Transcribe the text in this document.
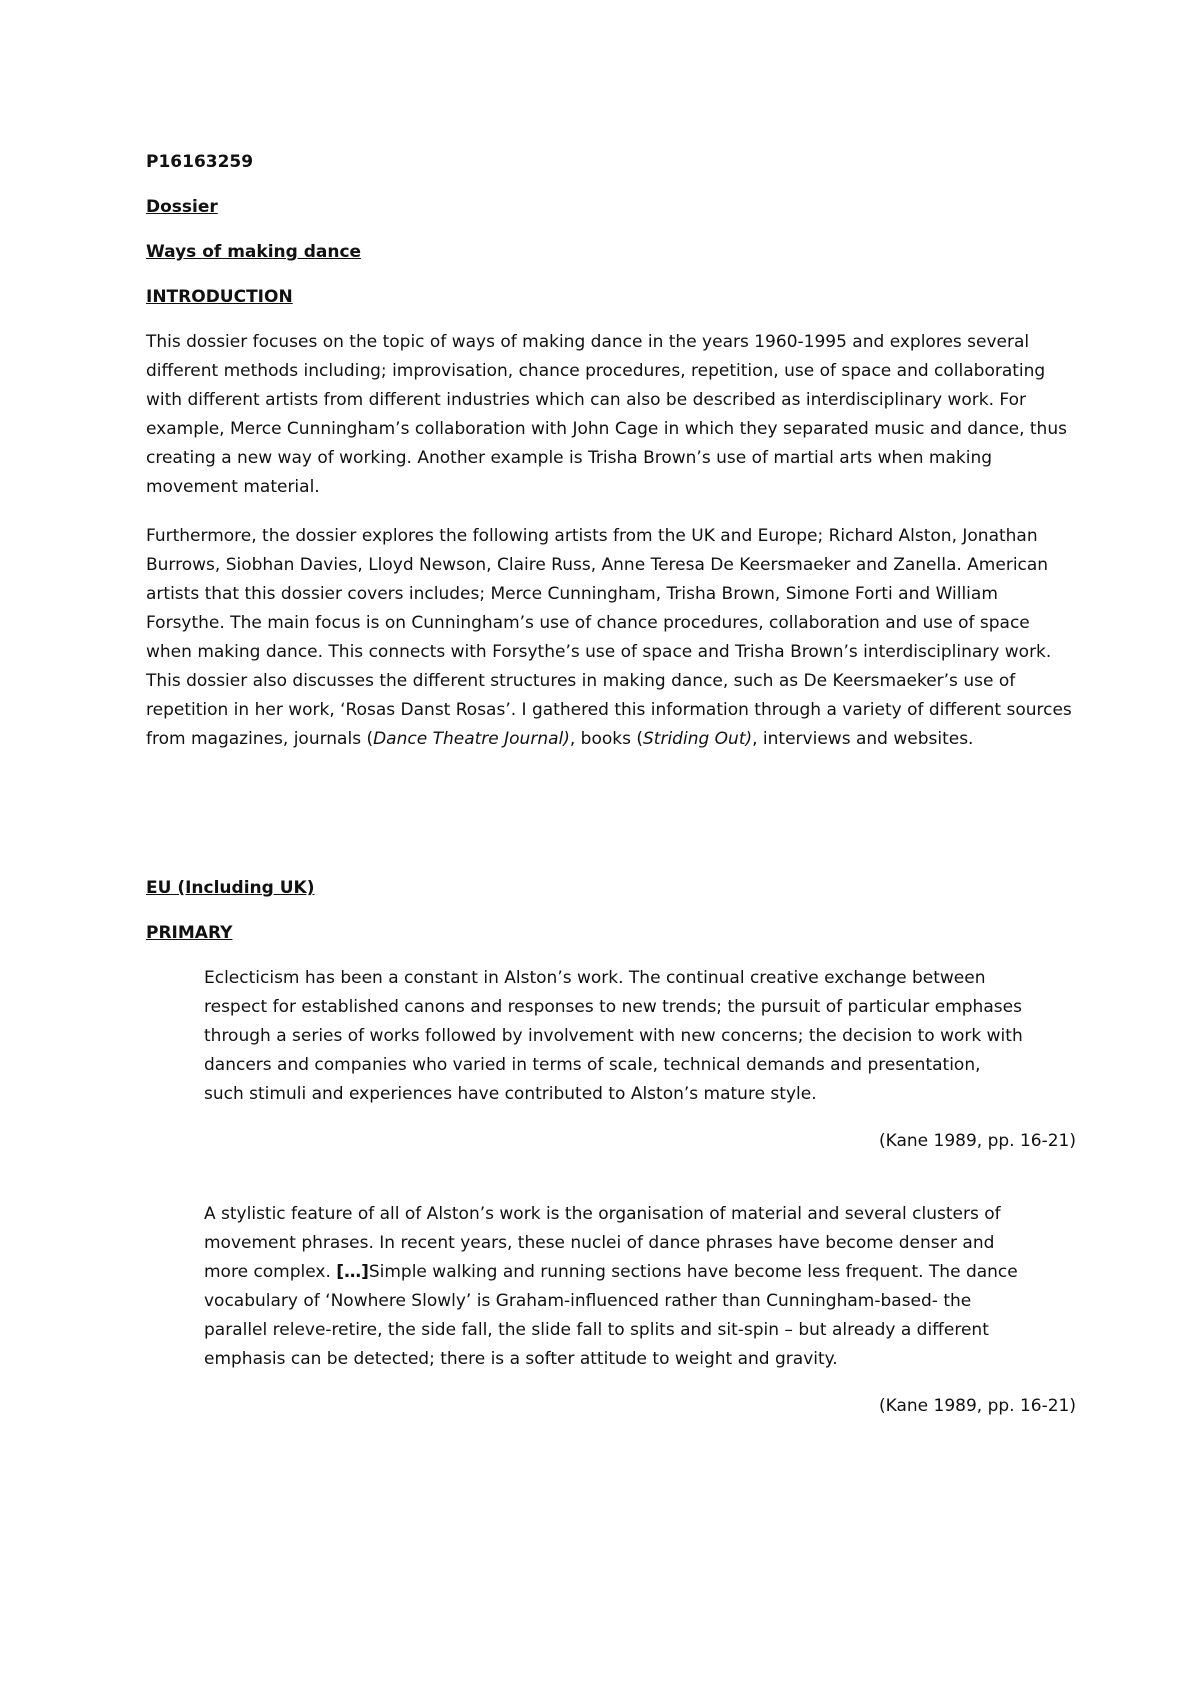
P16163259

Dossier

Ways of making dance

INTRODUCTION

This dossier focuses on the topic of ways of making dance in the years 1960-1995 and explores several different methods including; improvisation, chance procedures, repetition, use of space and collaborating with different artists from different industries which can also be described as interdisciplinary work. For example, Merce Cunningham’s collaboration with John Cage in which they separated music and dance, thus creating a new way of working. Another example is Trisha Brown’s use of martial arts when making movement material.

Furthermore, the dossier explores the following artists from the UK and Europe; Richard Alston, Jonathan Burrows, Siobhan Davies, Lloyd Newson, Claire Russ, Anne Teresa De Keersmaeker and Zanella. American artists that this dossier covers includes; Merce Cunningham, Trisha Brown, Simone Forti and William Forsythe. The main focus is on Cunningham’s use of chance procedures, collaboration and use of space when making dance. This connects with Forsythe’s use of space and Trisha Brown’s interdisciplinary work. This dossier also discusses the different structures in making dance, such as De Keersmaeker’s use of repetition in her work, ‘Rosas Danst Rosas’. I gathered this information through a variety of different sources from magazines, journals (Dance Theatre Journal), books (Striding Out), interviews and websites.

EU (Including UK)

PRIMARY

Eclecticism has been a constant in Alston’s work. The continual creative exchange between respect for established canons and responses to new trends; the pursuit of particular emphases through a series of works followed by involvement with new concerns; the decision to work with dancers and companies who varied in terms of scale, technical demands and presentation, such stimuli and experiences have contributed to Alston’s mature style.

(Kane 1989, pp. 16-21)

A stylistic feature of all of Alston’s work is the organisation of material and several clusters of movement phrases. In recent years, these nuclei of dance phrases have become denser and more complex. […]Simple walking and running sections have become less frequent. The dance vocabulary of ‘Nowhere Slowly’ is Graham-influenced rather than Cunningham-based- the parallel releve-retire, the side fall, the slide fall to splits and sit-spin – but already a different emphasis can be detected; there is a softer attitude to weight and gravity.

(Kane 1989, pp. 16-21)
